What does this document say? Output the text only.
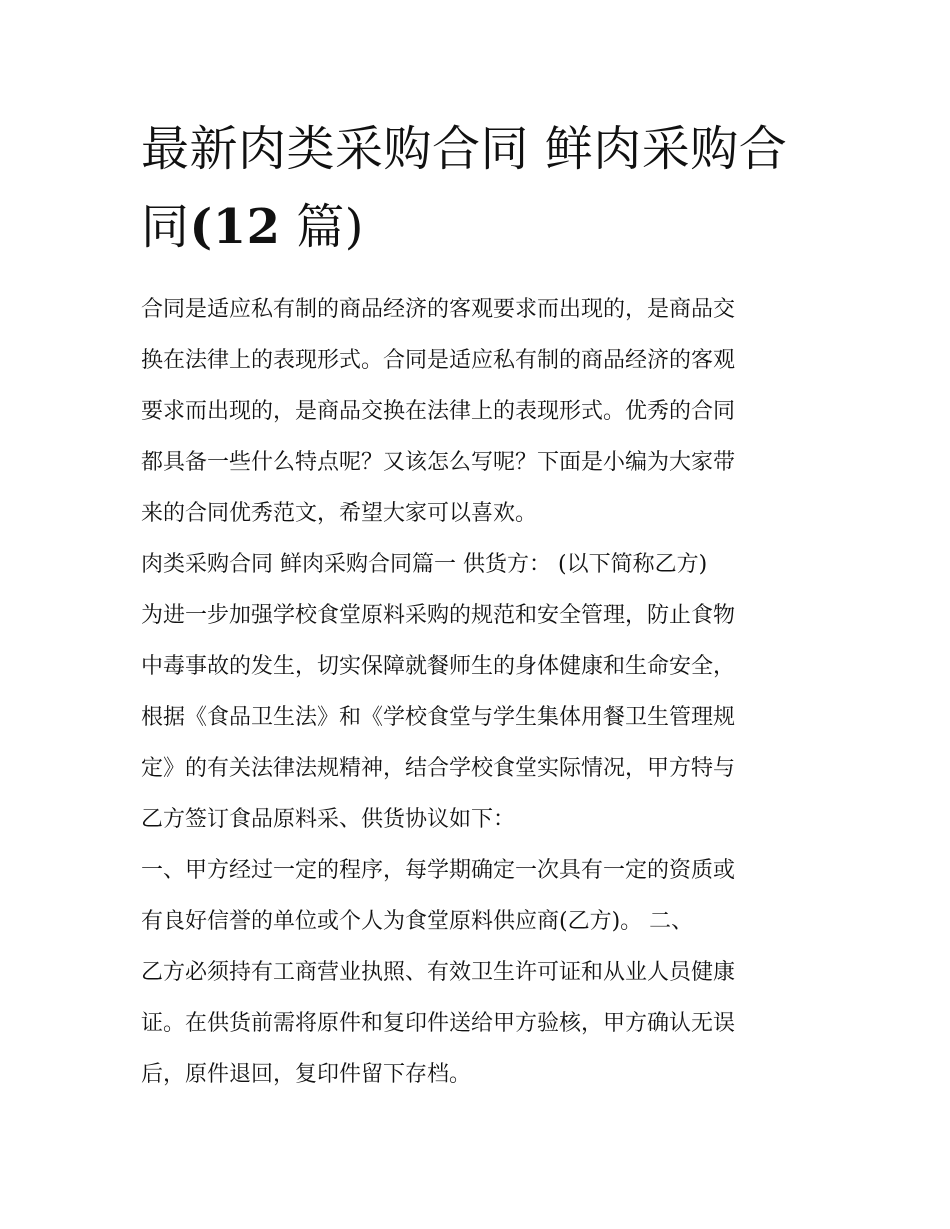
最新肉类采购合同 鲜肉采购合
同(12 篇)

合同是适应私有制的商品经济的客观要求而出现的，是商品交
换在法律上的表现形式。合同是适应私有制的商品经济的客观
要求而出现的，是商品交换在法律上的表现形式。优秀的合同
都具备一些什么特点呢？又该怎么写呢？下面是小编为大家带
来的合同优秀范文，希望大家可以喜欢。

肉类采购合同 鲜肉采购合同篇一 供货方： (以下简称乙方)

为进一步加强学校食堂原料采购的规范和安全管理，防止食物
中毒事故的发生，切实保障就餐师生的身体健康和生命安全，
根据《食品卫生法》和《学校食堂与学生集体用餐卫生管理规
定》的有关法律法规精神，结合学校食堂实际情况，甲方特与
乙方签订食品原料采、供货协议如下：

一、甲方经过一定的程序，每学期确定一次具有一定的资质或
有良好信誉的单位或个人为食堂原料供应商(乙方)。 二、

乙方必须持有工商营业执照、有效卫生许可证和从业人员健康
证。在供货前需将原件和复印件送给甲方验核，甲方确认无误
后，原件退回，复印件留下存档。
